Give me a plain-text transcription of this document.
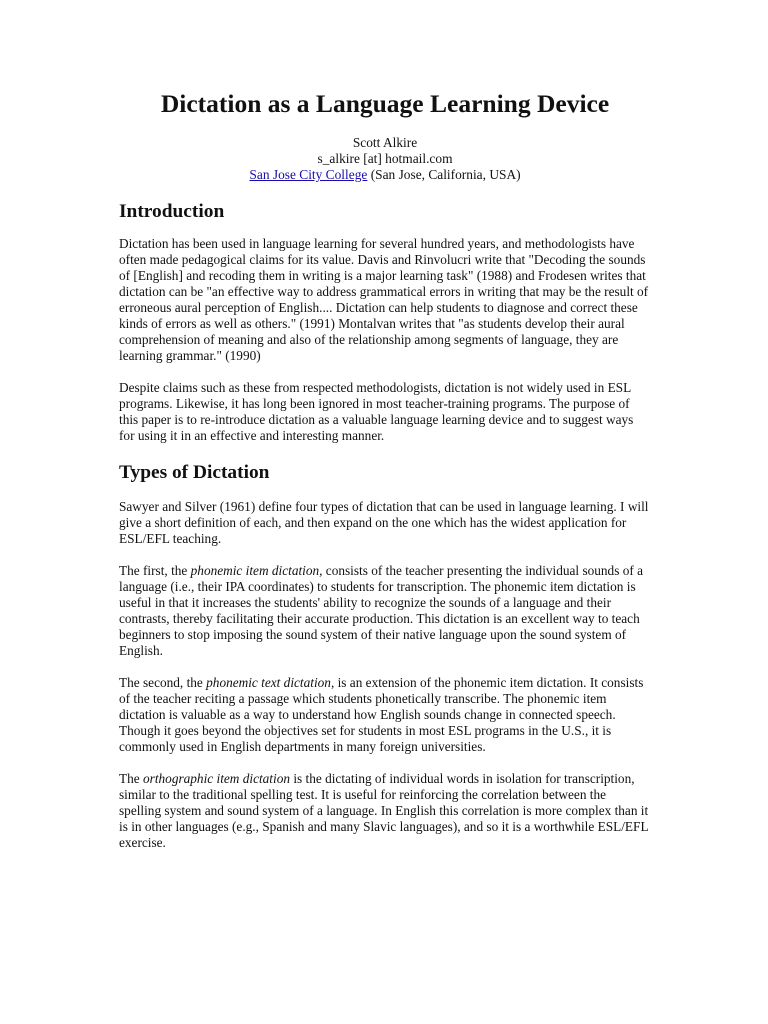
Dictation as a Language Learning Device
Scott Alkire
s_alkire [at] hotmail.com
San Jose City College (San Jose, California, USA)
Introduction

Dictation has been used in language learning for several hundred years, and methodologists have often made pedagogical claims for its value. Davis and Rinvolucri write that "Decoding the sounds of [English] and recoding them in writing is a major learning task" (1988) and Frodesen writes that dictation can be "an effective way to address grammatical errors in writing that may be the result of erroneous aural perception of English.... Dictation can help students to diagnose and correct these kinds of errors as well as others." (1991) Montalvan writes that "as students develop their aural comprehension of meaning and also of the relationship among segments of language, they are learning grammar." (1990)

Despite claims such as these from respected methodologists, dictation is not widely used in ESL programs. Likewise, it has long been ignored in most teacher-training programs. The purpose of this paper is to re-introduce dictation as a valuable language learning device and to suggest ways for using it in an effective and interesting manner.

Types of Dictation

Sawyer and Silver (1961) define four types of dictation that can be used in language learning. I will give a short definition of each, and then expand on the one which has the widest application for ESL/EFL teaching.

The first, the phonemic item dictation, consists of the teacher presenting the individual sounds of a language (i.e., their IPA coordinates) to students for transcription. The phonemic item dictation is useful in that it increases the students' ability to recognize the sounds of a language and their contrasts, thereby facilitating their accurate production. This dictation is an excellent way to teach beginners to stop imposing the sound system of their native language upon the sound system of English.

The second, the phonemic text dictation, is an extension of the phonemic item dictation. It consists of the teacher reciting a passage which students phonetically transcribe. The phonemic item dictation is valuable as a way to understand how English sounds change in connected speech. Though it goes beyond the objectives set for students in most ESL programs in the U.S., it is commonly used in English departments in many foreign universities.

The orthographic item dictation is the dictating of individual words in isolation for transcription, similar to the traditional spelling test. It is useful for reinforcing the correlation between the spelling system and sound system of a language. In English this correlation is more complex than it is in other languages (e.g., Spanish and many Slavic languages), and so it is a worthwhile ESL/EFL exercise.
